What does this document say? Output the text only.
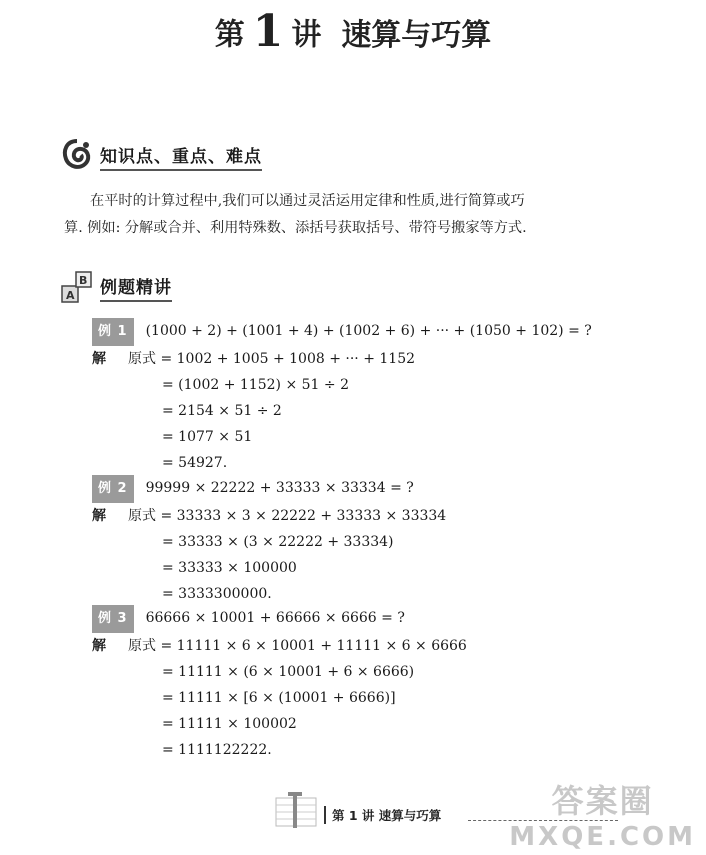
第 1 讲 速算与巧算
知识点、重点、难点
在平时的计算过程中,我们可以通过灵活运用定律和性质,进行简算或巧
算. 例如: 分解或合并、利用特殊数、添括号获取括号、带符号搬家等方式.
A
B 例题精讲
例 1 (1000 + 2) + (1001 + 4) + (1002 + 6) + ··· + (1050 + 102) = ?
解 原式 = 1002 + 1005 + 1008 + ··· + 1152
= (1002 + 1152) × 51 ÷ 2
= 2154 × 51 ÷ 2
= 1077 × 51
= 54927.
例 2 99999 × 22222 + 33333 × 33334 = ?
解 原式 = 33333 × 3 × 22222 + 33333 × 33334
= 33333 × (3 × 22222 + 33334)
= 33333 × 100000
= 3333300000.
例 3 66666 × 10001 + 66666 × 6666 = ?
解 原式 = 11111 × 6 × 10001 + 11111 × 6 × 6666
= 11111 × (6 × 10001 + 6 × 6666)
= 11111 × [6 × (10001 + 6666)]
= 11111 × 100002
= 1111122222.
第 1 讲 速算与巧算	答案圈
MXQE.COM
